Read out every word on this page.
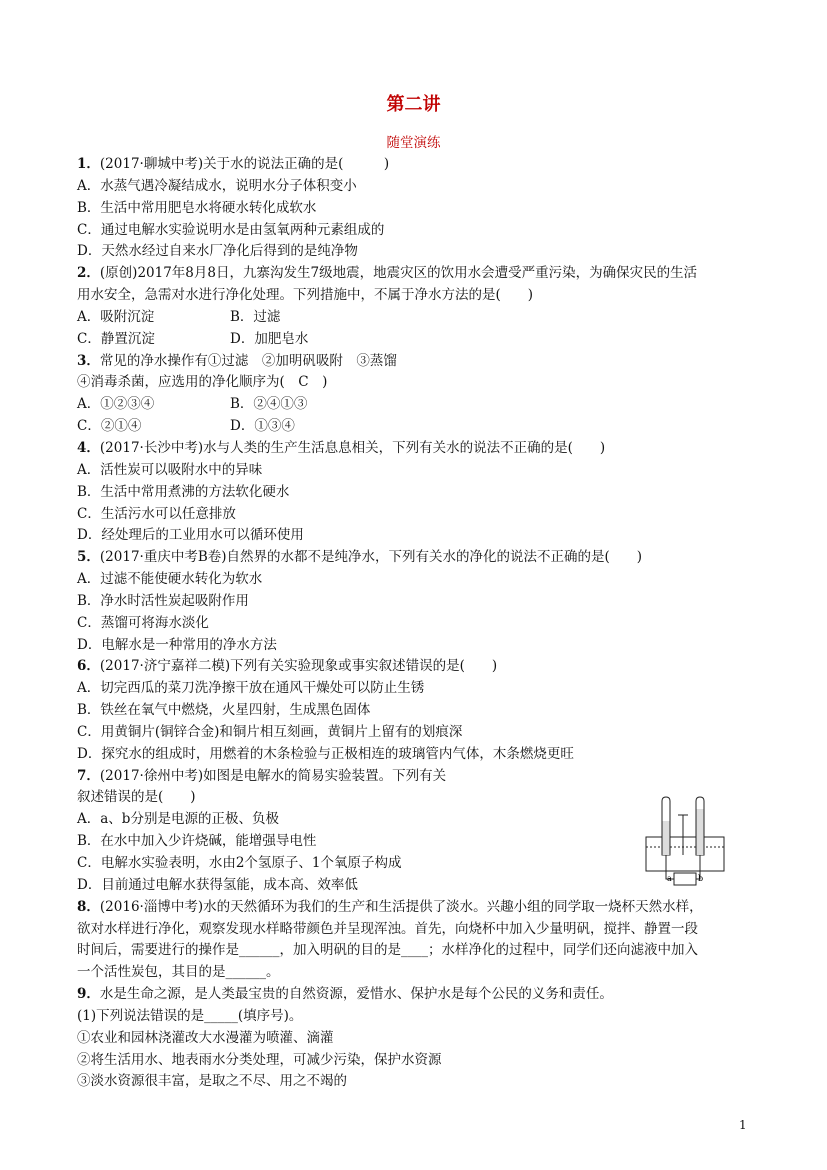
第二讲
随堂演练
1．(2017·聊城中考)关于水的说法正确的是(　　　)
A．水蒸气遇冷凝结成水，说明水分子体积变小
B．生活中常用肥皂水将硬水转化成软水
C．通过电解水实验说明水是由氢氧两种元素组成的
D．天然水经过自来水厂净化后得到的是纯净物
2．(原创)2017年8月8日，九寨沟发生7级地震，地震灾区的饮用水会遭受严重污染，为确保灾民的生活
用水安全，急需对水进行净化处理。下列措施中，不属于净水方法的是(　　)
A．吸附沉淀	B．过滤
C．静置沉淀	D．加肥皂水
3．常见的净水操作有①过滤　②加明矾吸附　③蒸馏
④消毒杀菌，应选用的净化顺序为(　C　)
A．①②③④	B．②④①③
C．②①④	D．①③④
4．(2017·长沙中考)水与人类的生产生活息息相关，下列有关水的说法不正确的是(　　)
A．活性炭可以吸附水中的异味
B．生活中常用煮沸的方法软化硬水
C．生活污水可以任意排放
D．经处理后的工业用水可以循环使用
5．(2017·重庆中考B卷)自然界的水都不是纯净水，下列有关水的净化的说法不正确的是(　　)
A．过滤不能使硬水转化为软水
B．净水时活性炭起吸附作用
C．蒸馏可将海水淡化
D．电解水是一种常用的净水方法
6．(2017·济宁嘉祥二模)下列有关实验现象或事实叙述错误的是(　　)
A．切完西瓜的菜刀洗净擦干放在通风干燥处可以防止生锈
B．铁丝在氧气中燃烧，火星四射，生成黑色固体
C．用黄铜片(铜锌合金)和铜片相互刻画，黄铜片上留有的划痕深
D．探究水的组成时，用燃着的木条检验与正极相连的玻璃管内气体，木条燃烧更旺
7．(2017·徐州中考)如图是电解水的简易实验装置。下列有关
叙述错误的是(　　)
A．a、b分别是电源的正极、负极
B．在水中加入少许烧碱，能增强导电性
C．电解水实验表明，水由2个氢原子、1个氧原子构成
D．目前通过电解水获得氢能，成本高、效率低
8．(2016·淄博中考)水的天然循环为我们的生产和生活提供了淡水。兴趣小组的同学取一烧杯天然水样，
欲对水样进行净化，观察发现水样略带颜色并呈现浑浊。首先，向烧杯中加入少量明矾，搅拌、静置一段
时间后，需要进行的操作是______，加入明矾的目的是____；水样净化的过程中，同学们还向滤液中加入
一个活性炭包，其目的是______。
9．水是生命之源，是人类最宝贵的自然资源，爱惜水、保护水是每个公民的义务和责任。
(1)下列说法错误的是_____(填序号)。
①农业和园林浇灌改大水漫灌为喷灌、滴灌
②将生活用水、地表雨水分类处理，可减少污染，保护水资源
③淡水资源很丰富，是取之不尽、用之不竭的
a	b
1
